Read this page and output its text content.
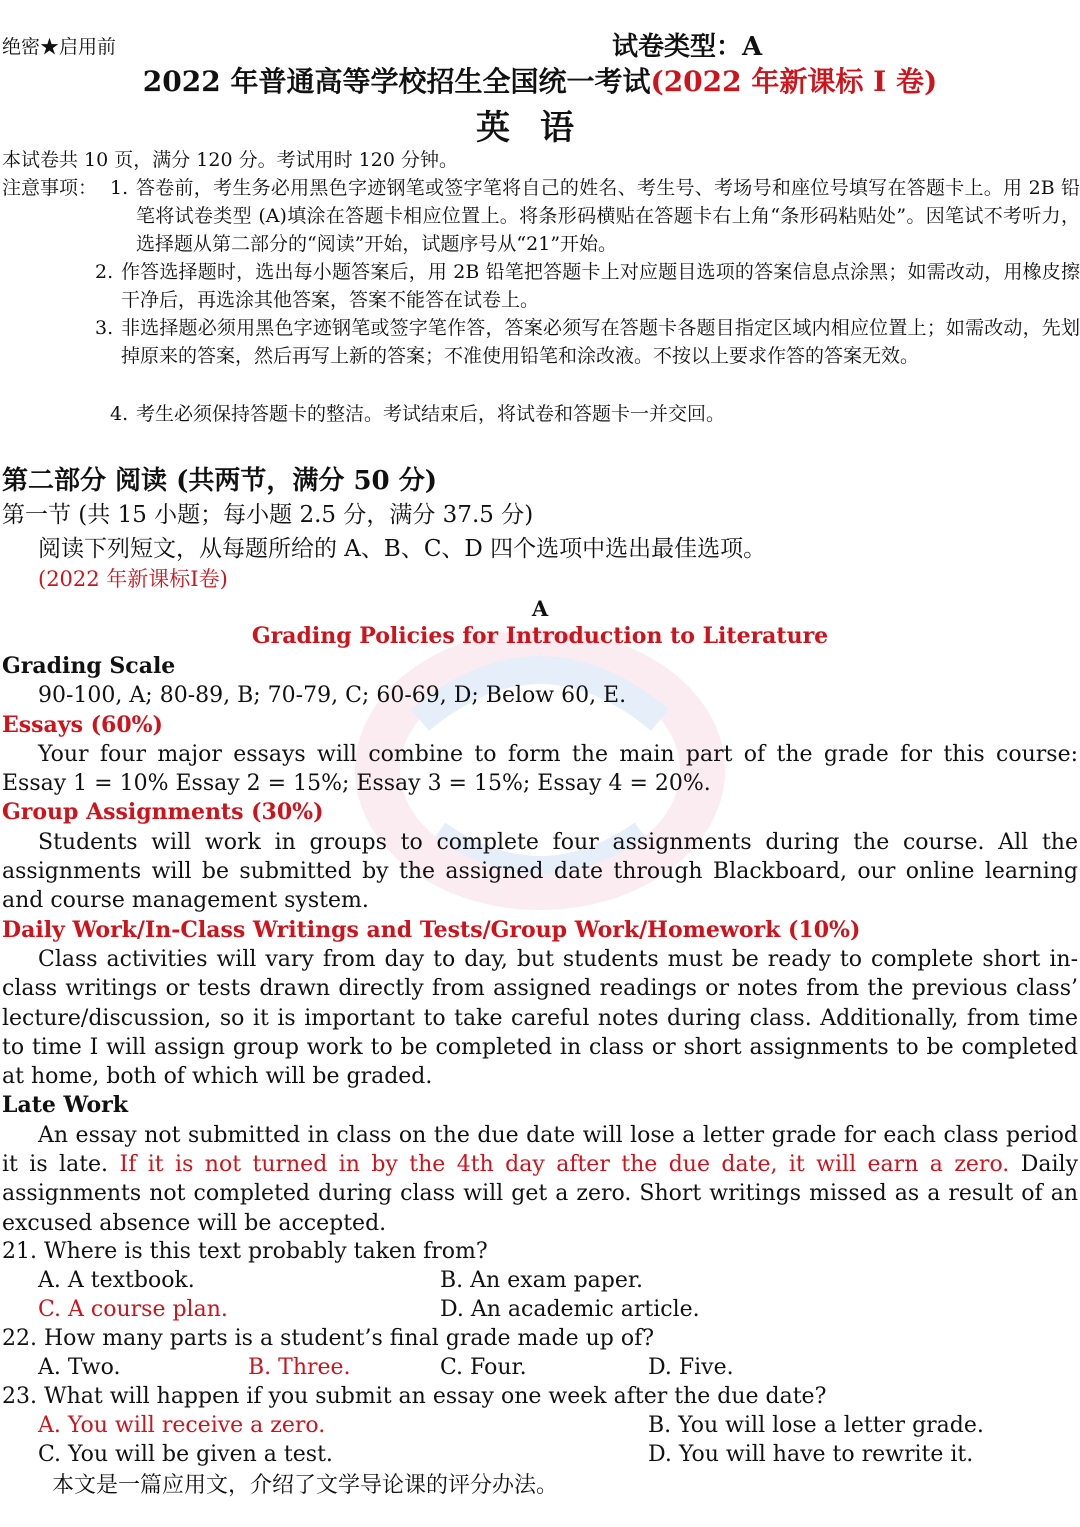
绝密★启用前	试卷类型：A
2022 年普通高等学校招生全国统一考试(2022 年新课标 I 卷)
英语
本试卷共 10 页，满分 120 分。考试用时 120 分钟。
注意事项： 1. 答卷前，考生务必用黑色字迹钢笔或签字笔将自己的姓名、考生号、考场号和座位号填写在答题卡上。用 2B 铅笔将试卷类型 (A)填涂在答题卡相应位置上。将条形码横贴在答题卡右上角“条形码粘贴处”。因笔试不考听力，选择题从第二部分的“阅读”开始，试题序号从“21”开始。
2. 作答选择题时，选出每小题答案后，用 2B 铅笔把答题卡上对应题目选项的答案信息点涂黑；如需改动，用橡皮擦干净后，再选涂其他答案，答案不能答在试卷上。
3. 非选择题必须用黑色字迹钢笔或签字笔作答，答案必须写在答题卡各题目指定区域内相应位置上；如需改动，先划掉原来的答案，然后再写上新的答案；不准使用铅笔和涂改液。不按以上要求作答的答案无效。
4. 考生必须保持答题卡的整洁。考试结束后，将试卷和答题卡一并交回。
第二部分 阅读 (共两节，满分 50 分)
第一节 (共 15 小题；每小题 2.5 分，满分 37.5 分)
阅读下列短文，从每题所给的 A、B、C、D 四个选项中选出最佳选项。
(2022 年新课标I卷)
A
Grading Policies for Introduction to Literature

Grading Scale

90-100, A; 80-89, B; 70-79, C; 60-69, D; Below 60, E.

Essays (60%)

Your four major essays will combine to form the main part of the grade for this course: Essay 1 = 10% Essay 2 = 15%; Essay 3 = 15%; Essay 4 = 20%.

Group Assignments (30%)

Students will work in groups to complete four assignments during the course. All the assignments will be submitted by the assigned date through Blackboard, our online learning and course management system.

Daily Work/In-Class Writings and Tests/Group Work/Homework (10%)

Class activities will vary from day to day, but students must be ready to complete short in-class writings or tests drawn directly from assigned readings or notes from the previous class’ lecture/discussion, so it is important to take careful notes during class. Additionally, from time to time I will assign group work to be completed in class or short assignments to be completed at home, both of which will be graded.

Late Work

An essay not submitted in class on the due date will lose a letter grade for each class period it is late. If it is not turned in by the 4th day after the due date, it will earn a zero. Daily assignments not completed during class will get a zero. Short writings missed as a result of an excused absence will be accepted.

21. Where is this text probably taken from?
A. A textbook.	B. An exam paper.
C. A course plan.	D. An academic article.
22. How many parts is a student’s final grade made up of?
A. Two.	B. Three.	C. Four.	D. Five.
23. What will happen if you submit an essay one week after the due date?
A. You will receive a zero.	B. You will lose a letter grade.
C. You will be given a test.	D. You will have to rewrite it.
本文是一篇应用文，介绍了文学导论课的评分办法。
